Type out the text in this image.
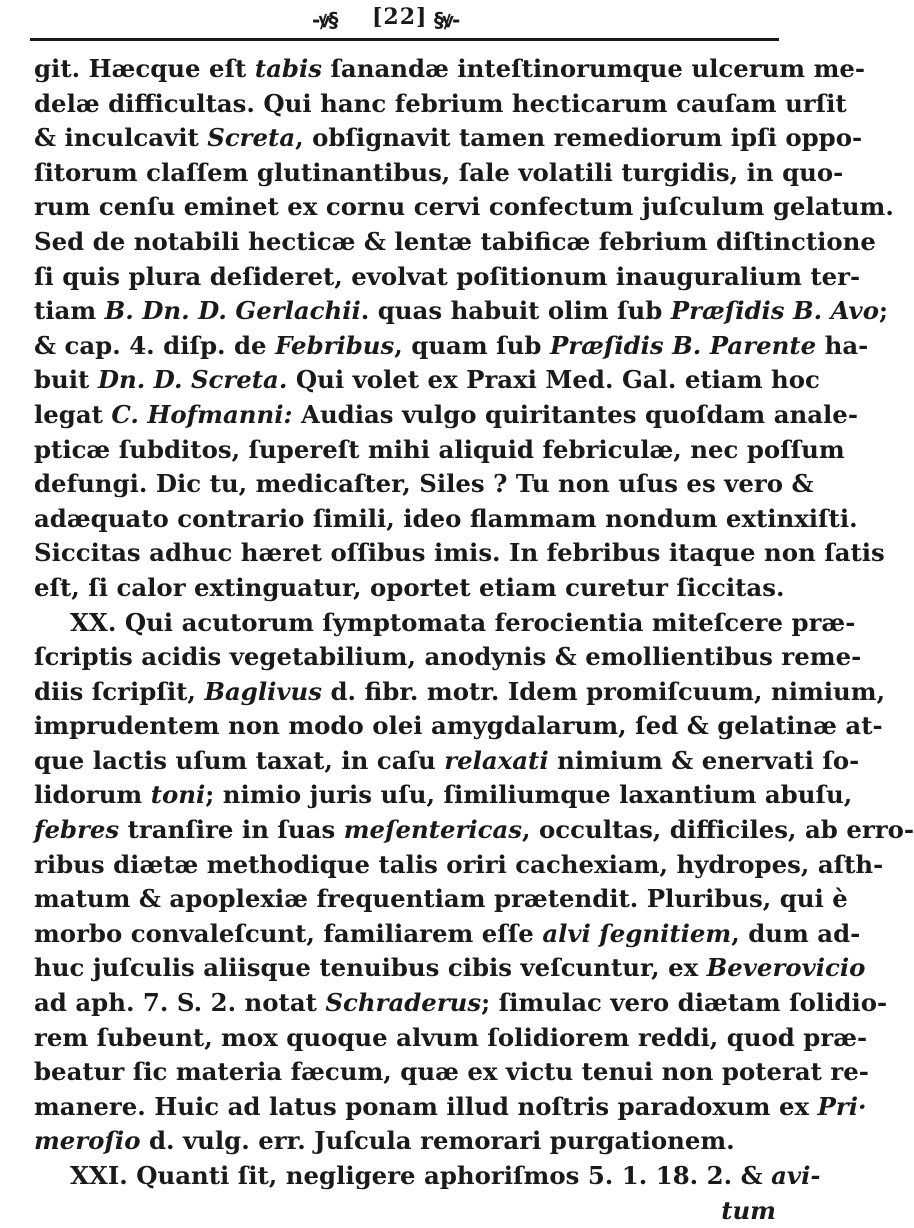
-ꝟ§ [22] §ꝟ-
git. Hæcque eſt tabis ſanandæ inteſtinorumque ulcerum me-
delæ difficultas. Qui hanc febrium hecticarum cauſam urſit
& inculcavit Screta, obſignavit tamen remediorum ipſi oppo-
ſitorum claſſem glutinantibus, ſale volatili turgidis, in quo-
rum cenſu eminet ex cornu cervi confectum juſculum gelatum.
Sed de notabili hecticæ & lentæ tabificæ febrium diſtinctione
ſi quis plura deſideret, evolvat poſitionum inauguralium ter-
tiam B. Dn. D. Gerlachii. quas habuit olim ſub Præſidis B. Avo;
& cap. 4. diſp. de Febribus, quam ſub Præſidis B. Parente ha-
buit Dn. D. Screta. Qui volet ex Praxi Med. Gal. etiam hoc
legat C. Hofmanni: Audias vulgo quiritantes quoſdam anale-
pticæ ſubditos, ſupereſt mihi aliquid febriculæ, nec poſſum
defungi. Dic tu, medicaſter, Siles ? Tu non uſus es vero &
adæquato contrario ſimili, ideo flammam nondum extinxiſti.
Siccitas adhuc hæret oſſibus imis. In febribus itaque non ſatis
eſt, ſi calor extinguatur, oportet etiam curetur ſiccitas.
XX. Qui acutorum ſymptomata ferocientia miteſcere præ-
ſcriptis acidis vegetabilium, anodynis & emollientibus reme-
diis ſcripſit, Baglivus d. fibr. motr. Idem promiſcuum, nimium,
imprudentem non modo olei amygdalarum, ſed & gelatinæ at-
que lactis uſum taxat, in caſu relaxati nimium & enervati ſo-
lidorum toni; nimio juris uſu, ſimiliumque laxantium abuſu,
febres tranſire in ſuas meſentericas, occultas, difficiles, ab erro-
ribus diætæ methodique talis oriri cachexiam, hydropes, aſth-
matum & apoplexiæ frequentiam prætendit. Pluribus, qui è
morbo convaleſcunt, familiarem eſſe alvi ſegnitiem, dum ad-
huc juſculis aliisque tenuibus cibis veſcuntur, ex Beverovicio
ad aph. 7. S. 2. notat Schraderus; ſimulac vero diætam ſolidio-
rem ſubeunt, mox quoque alvum ſolidiorem reddi, quod præ-
beatur ſic materia fæcum, quæ ex victu tenui non poterat re-
manere. Huic ad latus ponam illud noſtris paradoxum ex Pri·
meroſio d. vulg. err. Juſcula remorari purgationem.
XXI. Quanti ſit, negligere aphoriſmos 5. 1. 18. 2. & avi-
tum
